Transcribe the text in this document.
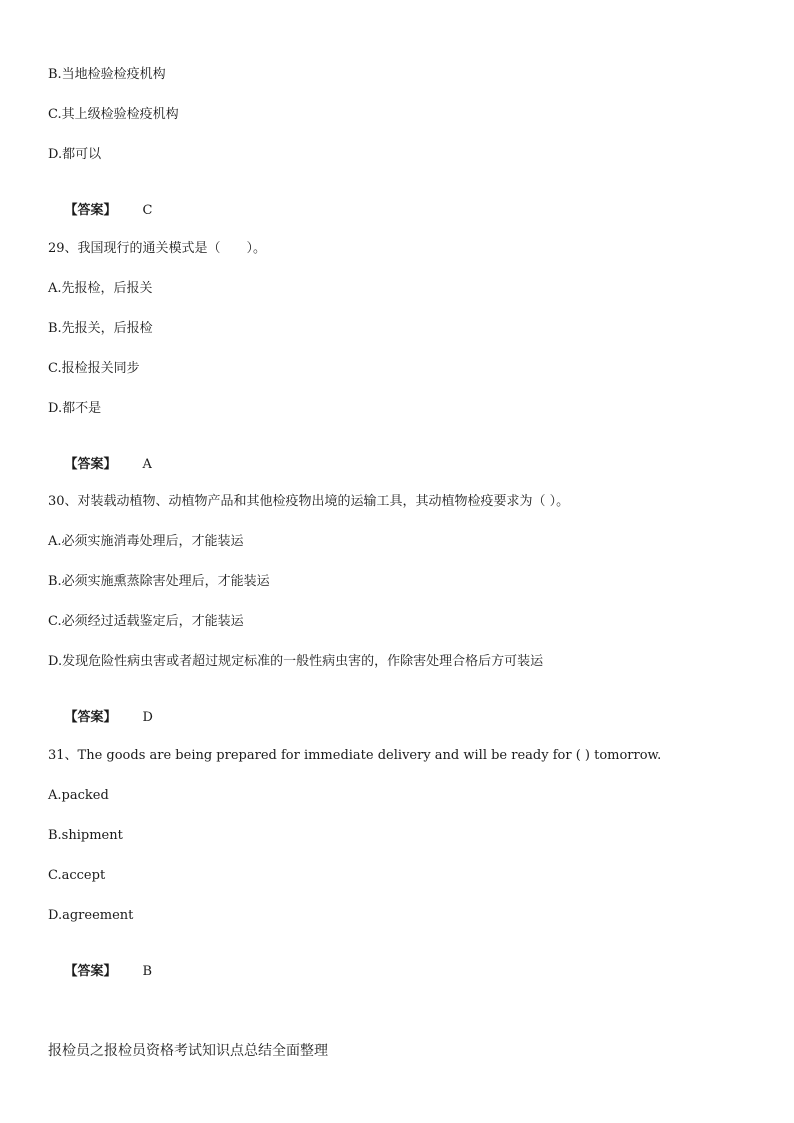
B.当地检验检疫机构
C.其上级检验检疫机构
D.都可以

【答案】 C

29、我国现行的通关模式是（　　）。
A.先报检，后报关
B.先报关，后报检
C.报检报关同步
D.都不是

【答案】 A

30、对装载动植物、动植物产品和其他检疫物出境的运输工具，其动植物检疫要求为（ ）。
A.必须实施消毒处理后，才能装运
B.必须实施熏蒸除害处理后，才能装运
C.必须经过适载鉴定后，才能装运
D.发现危险性病虫害或者超过规定标准的一般性病虫害的，作除害处理合格后方可装运

【答案】 D

31、The goods are being prepared for immediate delivery and will be ready for ( ) tomorrow.
A.packed
B.shipment
C.accept
D.agreement

【答案】 B

报检员之报检员资格考试知识点总结全面整理
